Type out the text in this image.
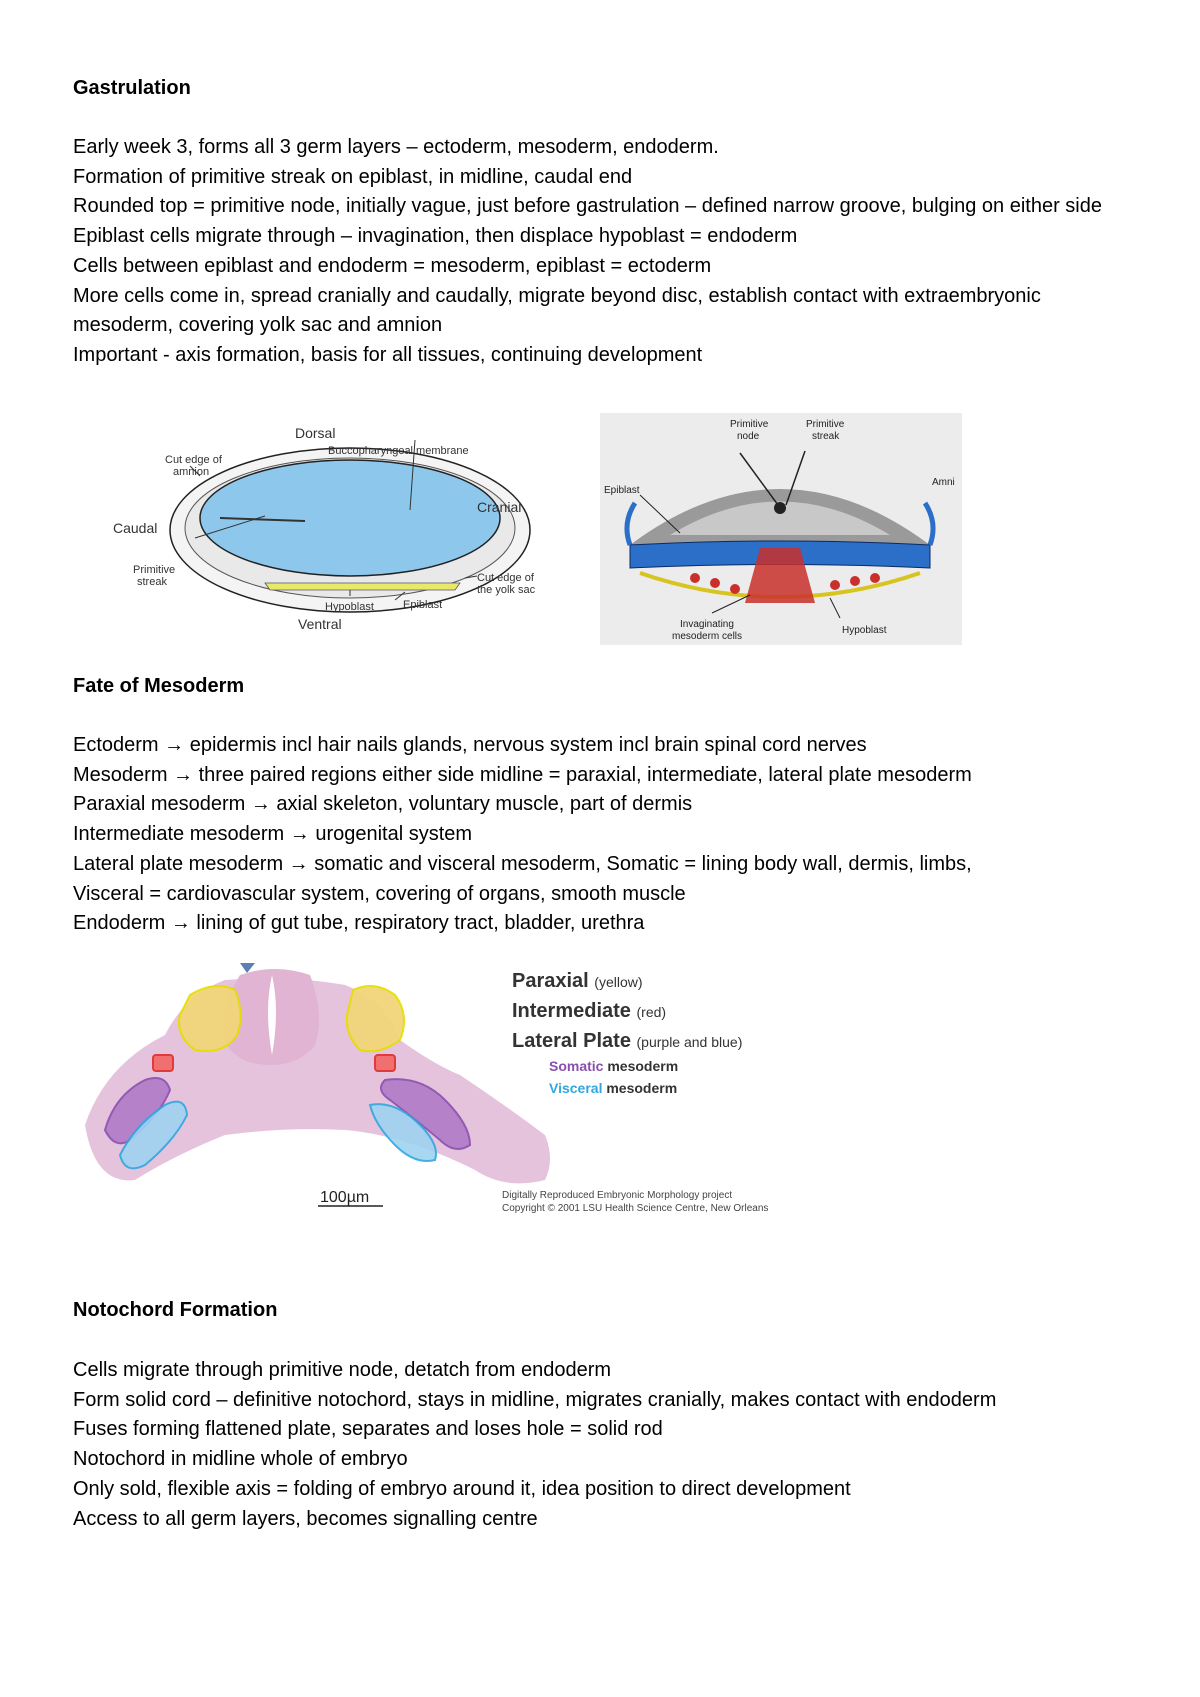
Gastrulation

Early week 3, forms all 3 germ layers – ectoderm, mesoderm, endoderm.

Formation of primitive streak on epiblast, in midline, caudal end

Rounded top = primitive node, initially vague, just before gastrulation – defined narrow groove, bulging on either side

Epiblast cells migrate through – invagination, then displace hypoblast = endoderm

Cells between epiblast and endoderm = mesoderm, epiblast = ectoderm

More cells come in, spread cranially and caudally, migrate beyond disc, establish contact with extraembryonic mesoderm, covering yolk sac and amnion

Important - axis formation, basis for all tissues, continuing development

Dorsal
Buccopharyngeal membrane
Cut edge of
amnion
Cranial
Caudal
Primitive
streak	Cut edge of
the yolk sac
Hypoblast	Epiblast
Ventral
Primitive
node
Primitive
streak
Epiblast
Amni
Invaginating
mesoderm cells
Hypoblast
Fate of Mesoderm

Ectoderm → epidermis incl hair nails glands, nervous system incl brain spinal cord nerves

Mesoderm → three paired regions either side midline = paraxial, intermediate, lateral plate mesoderm

Paraxial mesoderm → axial skeleton, voluntary muscle, part of dermis

Intermediate mesoderm → urogenital system

Lateral plate mesoderm → somatic and visceral mesoderm, Somatic = lining body wall, dermis, limbs,

Visceral = cardiovascular system, covering of organs, smooth muscle

Endoderm → lining of gut tube, respiratory tract, bladder, urethra

100µm
Paraxial (yellow)
Intermediate (red)
Lateral Plate (purple and blue)
Somatic mesoderm
Visceral mesoderm
Digitally Reproduced Embryonic Morphology project
Copyright © 2001 LSU Health Science Centre, New Orleans
Notochord Formation

Cells migrate through primitive node, detatch from endoderm

Form solid cord – definitive notochord, stays in midline, migrates cranially, makes contact with endoderm

Fuses forming flattened plate, separates and loses hole = solid rod

Notochord in midline whole of embryo

Only sold, flexible axis = folding of embryo around it, idea position to direct development

Access to all germ layers, becomes signalling centre
